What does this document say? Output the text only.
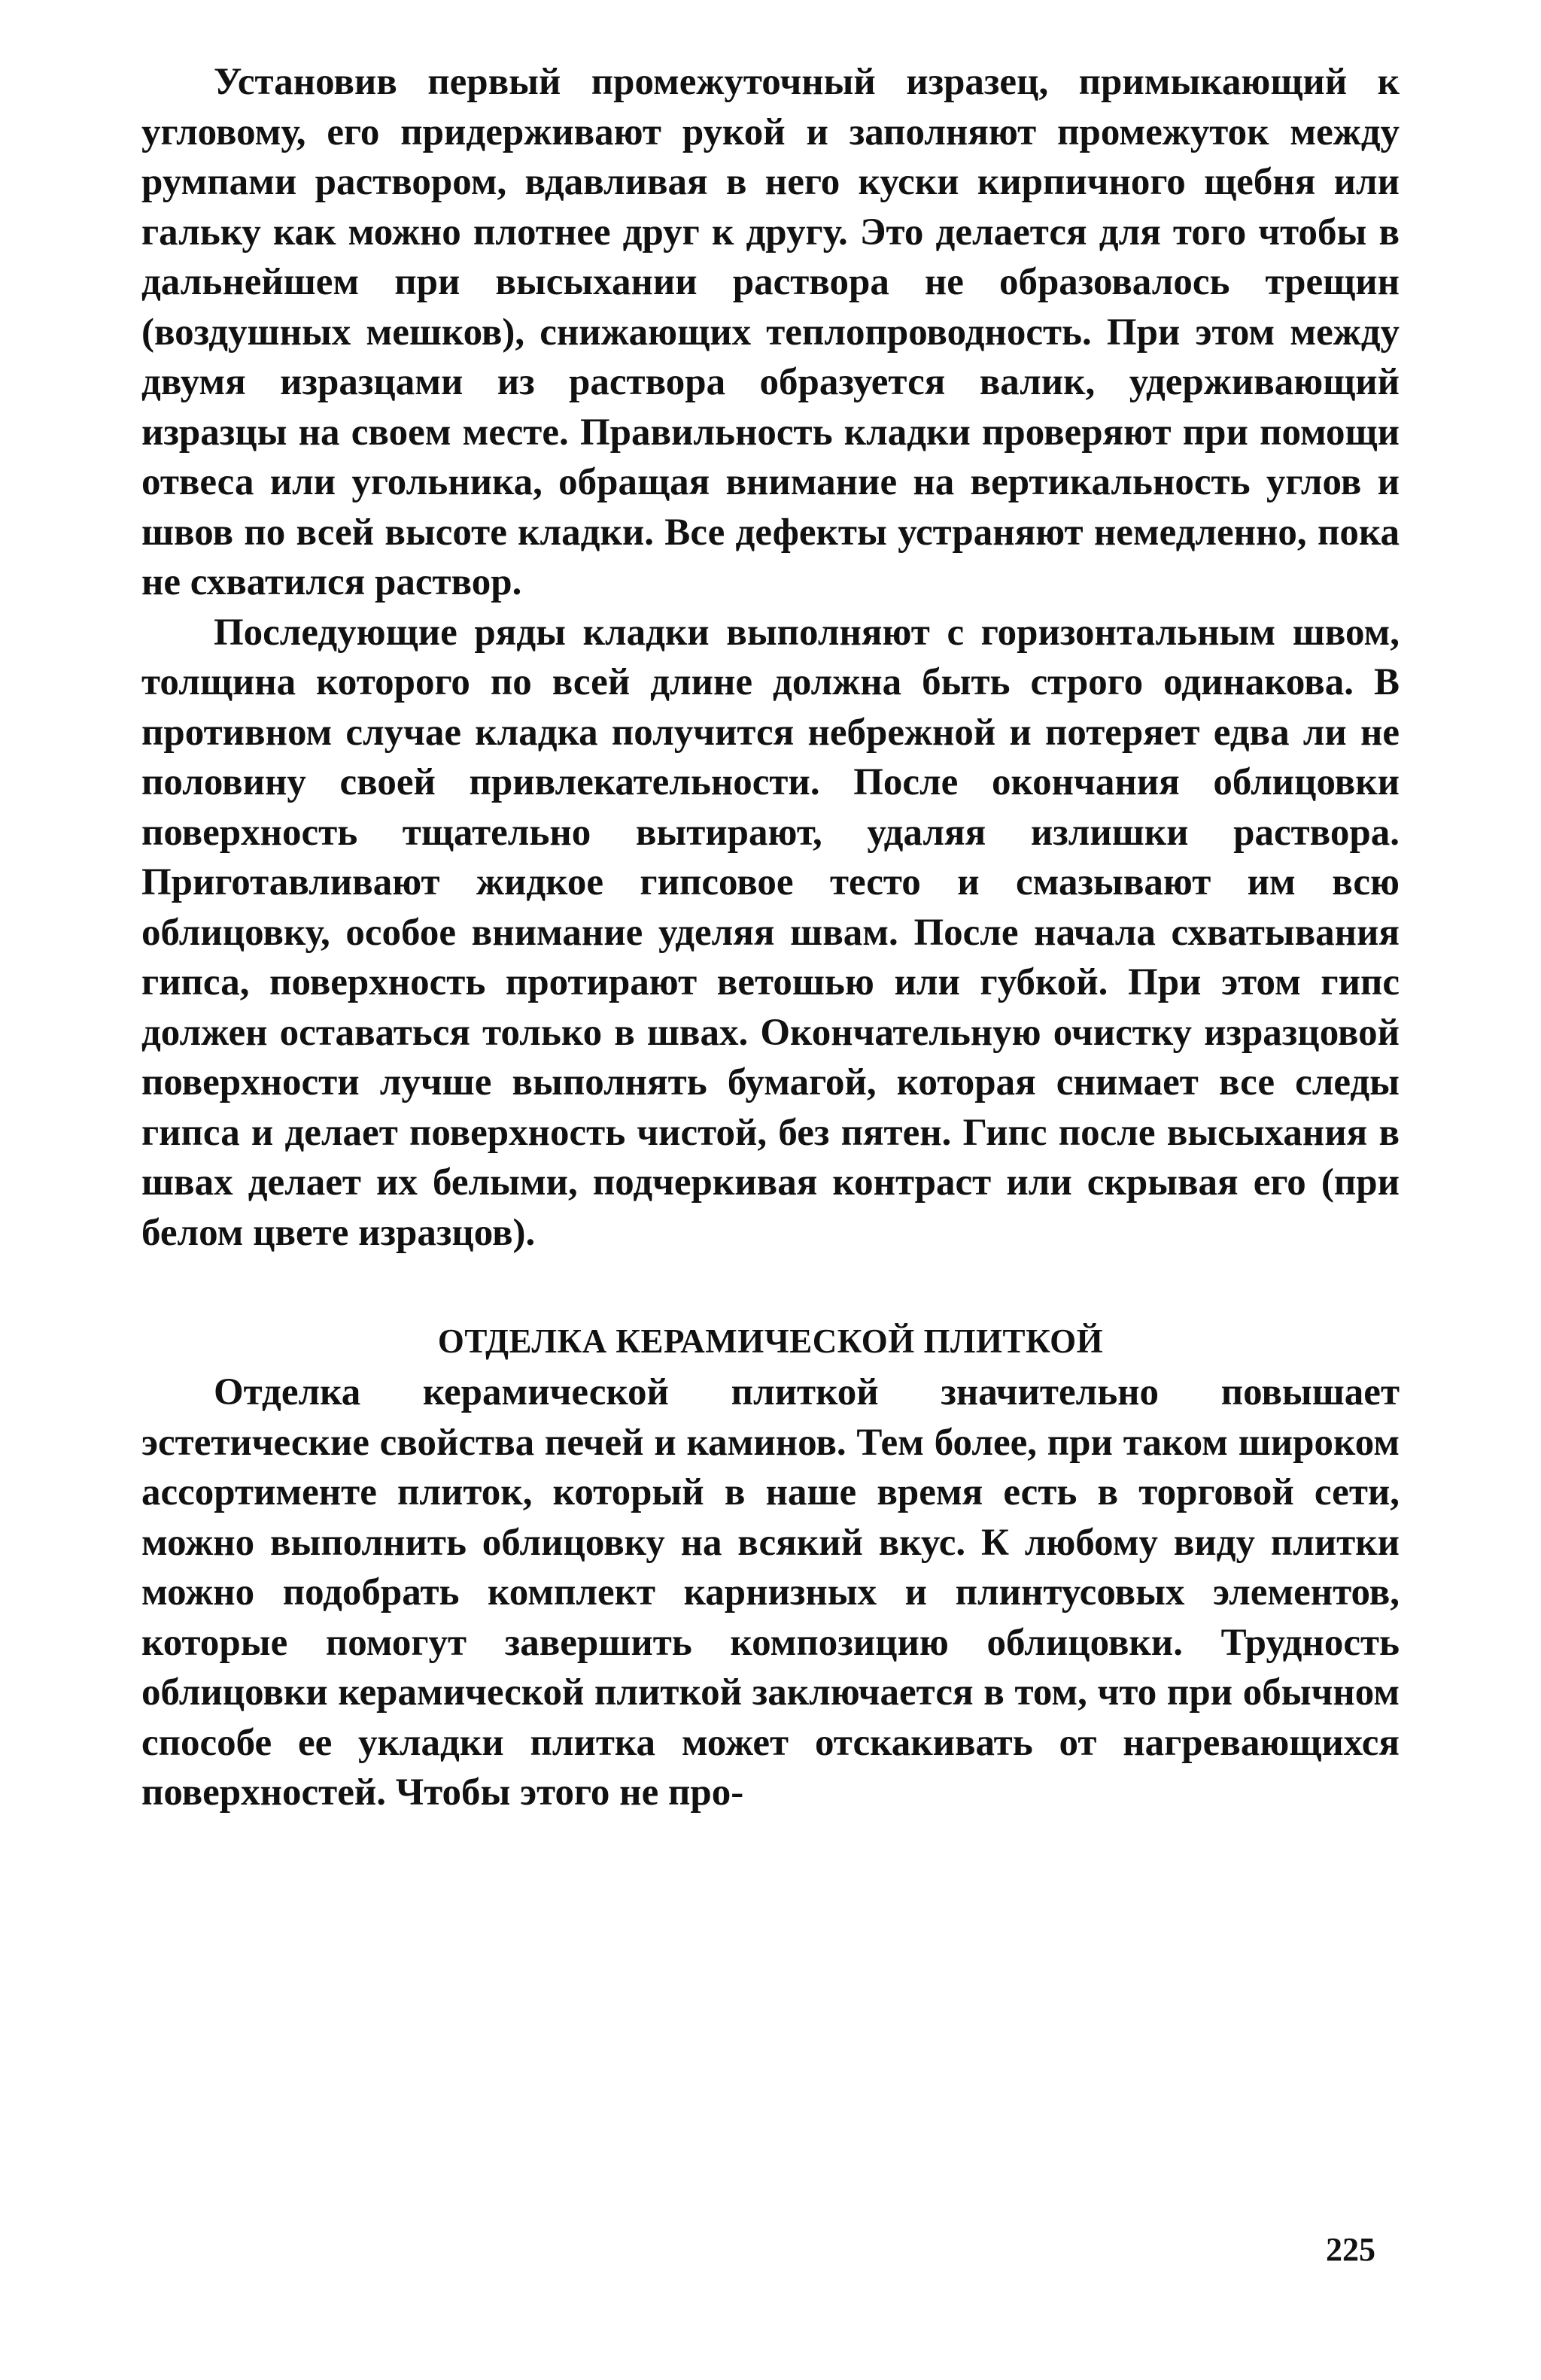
Установив первый промежуточный изразец, примыкающий к угловому, его придерживают рукой и заполняют промежуток между румпами раствором, вдавливая в него куски кирпичного щебня или гальку как можно плотнее друг к другу. Это делается для того чтобы в дальнейшем при высыхании раствора не образовалось трещин (воздушных мешков), снижающих теплопроводность. При этом между двумя изразцами из раствора образуется валик, удерживающий изразцы на своем месте. Правильность кладки проверяют при помощи отвеса или угольника, обращая внимание на вертикальность углов и швов по всей высоте кладки. Все дефекты устраняют немедленно, пока не схватился раствор.

Последующие ряды кладки выполняют с горизонтальным швом, толщина которого по всей длине должна быть строго одинакова. В противном случае кладка получится небрежной и потеряет едва ли не половину своей привлекательности. После окончания облицовки поверхность тщательно вытирают, удаляя излишки раствора. Приготавливают жидкое гипсовое тесто и смазывают им всю облицовку, особое внимание уделяя швам. После начала схватывания гипса, поверхность протирают ветошью или губкой. При этом гипс должен оставаться только в швах. Окончательную очистку изразцовой поверхности лучше выполнять бумагой, которая снимает все следы гипса и делает поверхность чистой, без пятен. Гипс после высыхания в швах делает их белыми, подчеркивая контраст или скрывая его (при белом цвете изразцов).

ОТДЕЛКА КЕРАМИЧЕСКОЙ ПЛИТКОЙ

Отделка керамической плиткой значительно повышает эстетические свойства печей и каминов. Тем более, при таком широком ассортименте плиток, который в наше время есть в торговой сети, можно выполнить облицовку на всякий вкус. К любому виду плитки можно подобрать комплект карнизных и плинтусовых элементов, которые помогут завершить композицию облицовки. Трудность облицовки керамической плиткой заключается в том, что при обычном способе ее укладки плитка может отскакивать от нагревающихся поверхностей. Чтобы этого не про-

225
